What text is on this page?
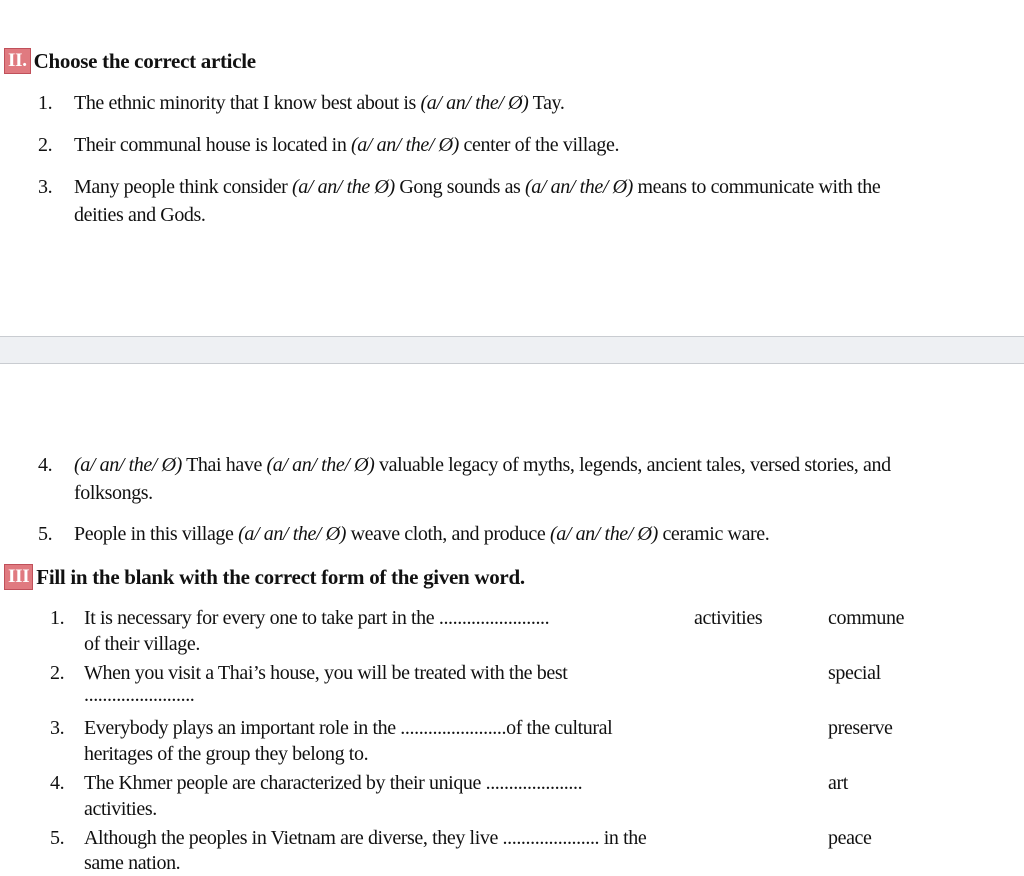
II. Choose the correct article
1. The ethnic minority that I know best about is (a/ an/ the/ Ø) Tay.
2. Their communal house is located in (a/ an/ the/ Ø) center of the village.
3. Many people think consider (a/ an/ the Ø) Gong sounds as (a/ an/ the/ Ø) means to communicate with the
deities and Gods.
4. (a/ an/ the/ Ø) Thai have (a/ an/ the/ Ø) valuable legacy of myths, legends, ancient tales, versed stories, and
folksongs.
5. People in this village (a/ an/ the/ Ø) weave cloth, and produce (a/ an/ the/ Ø) ceramic ware.
III Fill in the blank with the correct form of the given word.
1. It is necessary for every one to take part in the ........................	activities
of their village.
commune
2. When you visit a Thai’s house, you will be treated with the best
........................
special
3. Everybody plays an important role in the .......................of the cultural
heritages of the group they belong to.
preserve
4. The Khmer people are characterized by their unique .....................
activities.
art
5. Although the peoples in Vietnam are diverse, they live ..................... in the
same nation.
peace
